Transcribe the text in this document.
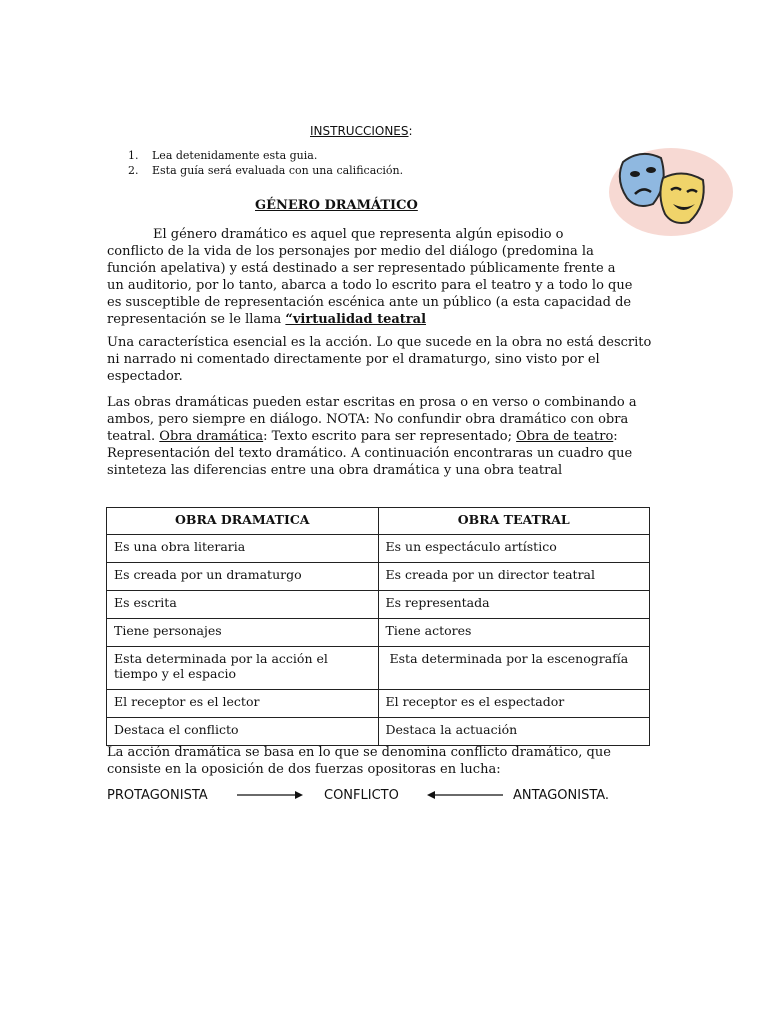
INSTRUCCIONES:
1.	Lea detenidamente esta guia.
2.	Esta guía será evaluada con una calificación.
GÉNERO DRAMÁTICO
El género dramático es aquel que representa algún episodio o
conflicto de la vida de los personajes por medio del diálogo (predomina la
función apelativa) y está destinado a ser representado públicamente frente a
un auditorio, por lo tanto, abarca a todo lo escrito para el teatro y a todo lo que
es susceptible de representación escénica ante un público (a esta capacidad de
representación se le llama “virtualidad teatral

Una característica esencial es la acción. Lo que sucede en la obra no está descrito ni narrado ni comentado directamente por el dramaturgo, sino visto por el espectador.

Las obras dramáticas pueden estar escritas en prosa o en verso o combinando a ambos, pero siempre en diálogo. NOTA: No confundir obra dramático con obra teatral. Obra dramática: Texto escrito para ser representado; Obra de teatro: Representación del texto dramático. A continuación encontraras un cuadro que sinteteza las diferencias entre una obra dramática y una obra teatral

OBRA DRAMATICA	OBRA TEATRAL
Es una obra literaria	Es un espectáculo artístico
Es creada por un dramaturgo	Es creada por un director teatral
Es escrita	Es representada
Tiene personajes	Tiene actores
Esta determinada por la acción el tiempo y el espacio	Esta determinada por la escenografía
El receptor es el lector	El receptor es el espectador
Destaca el conflicto	Destaca la actuación

La acción dramática se basa en lo que se denomina conflicto dramático, que consiste en la oposición de dos fuerzas opositoras en lucha:

PROTAGONISTA	CONFLICTO	ANTAGONISTA.
